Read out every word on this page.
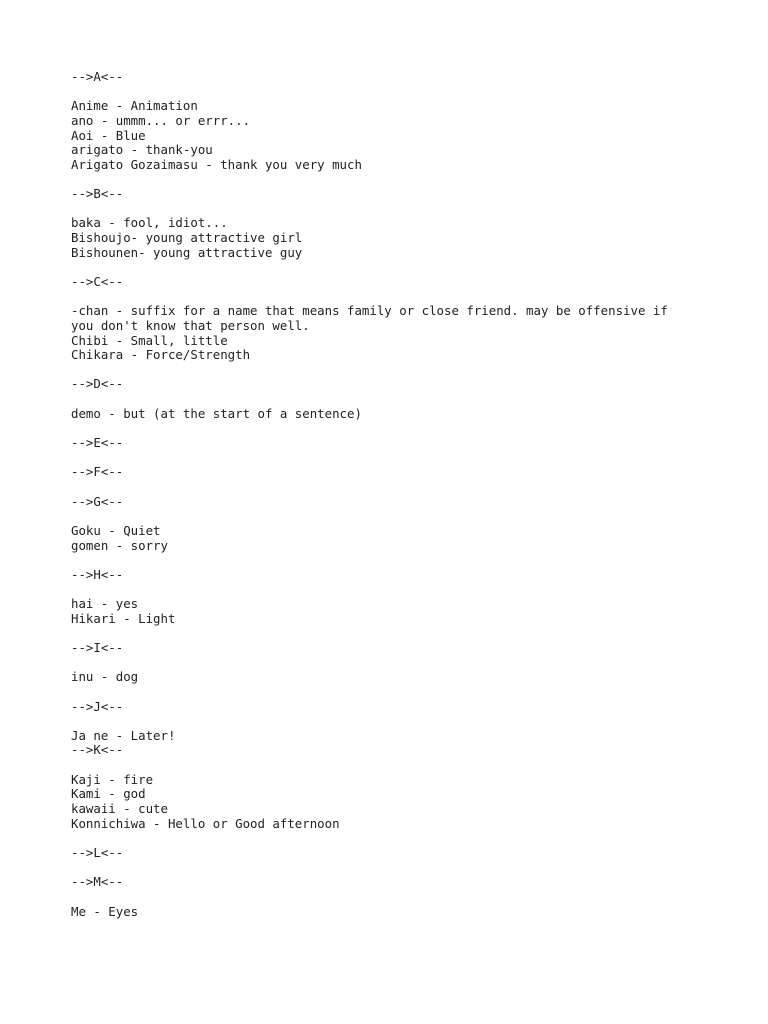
-->A<--
Anime - Animation
ano - ummm... or errr...
Aoi - Blue
arigato - thank-you
Arigato Gozaimasu - thank you very much
-->B<--
baka - fool, idiot...
Bishoujo- young attractive girl
Bishounen- young attractive guy
-->C<--
-chan - suffix for a name that means family or close friend. may be offensive if
you don't know that person well.
Chibi - Small, little
Chikara - Force/Strength
-->D<--
demo - but (at the start of a sentence)
-->E<--
-->F<--
-->G<--
Goku - Quiet
gomen - sorry
-->H<--
hai - yes
Hikari - Light
-->I<--
inu - dog
-->J<--
Ja ne - Later!
-->K<--
Kaji - fire
Kami - god
kawaii - cute
Konnichiwa - Hello or Good afternoon
-->L<--
-->M<--
Me - Eyes
